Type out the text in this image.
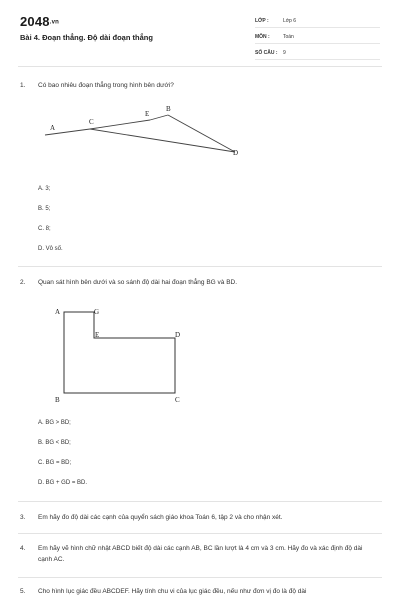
2048.vn
Bài 4. Đoạn thẳng. Độ dài đoạn thẳng
LỚP :	Lớp 6
MÔN :	Toán
SỐ CÂU :	9
1. Có bao nhiêu đoạn thẳng trong hình bên dưới?
A
C
E
B
D
A. 3;
B. 5;
C. 8;
D. Vô số.
2. Quan sát hình bên dưới và so sánh độ dài hai đoạn thẳng BG và BD.
A	G
E	D
B	C
A. BG > BD;
B. BG < BD;
C. BG = BD;
D. BG + GD = BD.
3. Em hãy đo độ dài các cạnh của quyển sách giáo khoa Toán 6, tập 2 và cho nhận xét.
4. Em hãy vẽ hình chữ nhật ABCD biết độ dài các cạnh AB, BC lần lượt là 4 cm và 3 cm. Hãy đo và xác định độ dài cạnh AC.
5. Cho hình lục giác đều ABCDEF. Hãy tính chu vi của lục giác đều, nếu như đơn vị đo là độ dài
